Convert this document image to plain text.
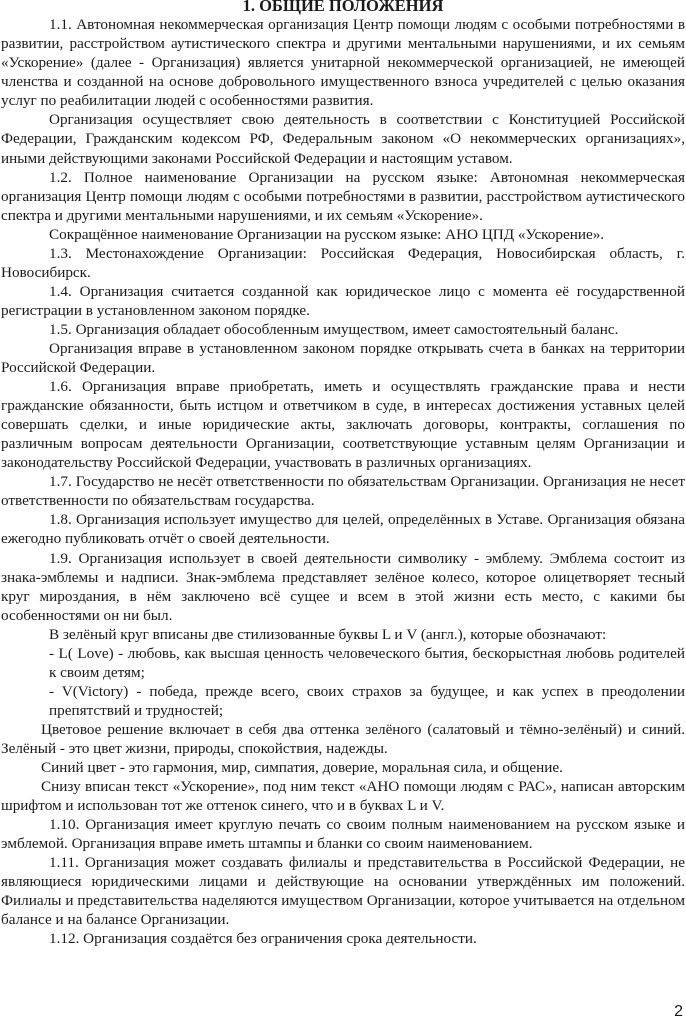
1. ОБЩИЕ ПОЛОЖЕНИЯ

1.1. Автономная некоммерческая организация Центр помощи людям с особыми потребностями в развитии, расстройством аутистического спектра и другими ментальными нарушениями, и их семьям «Ускорение» (далее - Организация) является унитарной некоммерческой организацией, не имеющей членства и созданной на основе добровольного имущественного взноса учредителей с целью оказания услуг по реабилитации людей с особенностями развития.

Организация осуществляет свою деятельность в соответствии с Конституцией Российской Федерации, Гражданским кодексом РФ, Федеральным законом «О некоммерческих организациях», иными действующими законами Российской Федерации и настоящим уставом.

1.2. Полное наименование Организации на русском языке: Автономная некоммерческая организация Центр помощи людям с особыми потребностями в развитии, расстройством аутистического спектра и другими ментальными нарушениями, и их семьям «Ускорение».

Сокращённое наименование Организации на русском языке: АНО ЦПД «Ускорение».

1.3. Местонахождение Организации: Российская Федерация, Новосибирская область, г. Новосибирск.

1.4. Организация считается созданной как юридическое лицо с момента её государственной регистрации в установленном законом порядке.

1.5. Организация обладает обособленным имуществом, имеет самостоятельный баланс.

Организация вправе в установленном законом порядке открывать счета в банках на территории Российской Федерации.

1.6. Организация вправе приобретать, иметь и осуществлять гражданские права и нести гражданские обязанности, быть истцом и ответчиком в суде, в интересах достижения уставных целей совершать сделки, и иные юридические акты, заключать договоры, контракты, соглашения по различным вопросам деятельности Организации, соответствующие уставным целям Организации и законодательству Российской Федерации, участвовать в различных организациях.

1.7. Государство не несёт ответственности по обязательствам Организации. Организация не несет ответственности по обязательствам государства.

1.8. Организация использует имущество для целей, определённых в Уставе. Организация обязана ежегодно публиковать отчёт о своей деятельности.

1.9. Организация использует в своей деятельности символику - эмблему. Эмблема состоит из знака-эмблемы и надписи. Знак-эмблема представляет зелёное колесо, которое олицетворяет тесный круг мироздания, в нём заключено всё сущее и всем в этой жизни есть место, с какими бы особенностями он ни был.

В зелёный круг вписаны две стилизованные буквы L и V (англ.), которые обозначают:

- L( Love) - любовь, как высшая ценность человеческого бытия, бескорыстная любовь родителей к своим детям;

- V(Victory) - победа, прежде всего, своих страхов за будущее, и как успех в преодолении препятствий и трудностей;

Цветовое решение включает в себя два оттенка зелёного (салатовый и тёмно-зелёный) и синий. Зелёный - это цвет жизни, природы, спокойствия, надежды.

Синий цвет - это гармония, мир, симпатия, доверие, моральная сила, и общение.

Снизу вписан текст «Ускорение», под ним текст «АНО помощи людям с РАС», написан авторским шрифтом и использован тот же оттенок синего, что и в буквах L и V.

1.10. Организация имеет круглую печать со своим полным наименованием на русском языке и эмблемой. Организация вправе иметь штампы и бланки со своим наименованием.

1.11. Организация может создавать филиалы и представительства в Российской Федерации, не являющиеся юридическими лицами и действующие на основании утверждённых им положений. Филиалы и представительства наделяются имуществом Организации, которое учитывается на отдельном балансе и на балансе Организации.

1.12. Организация создаётся без ограничения срока деятельности.

2
